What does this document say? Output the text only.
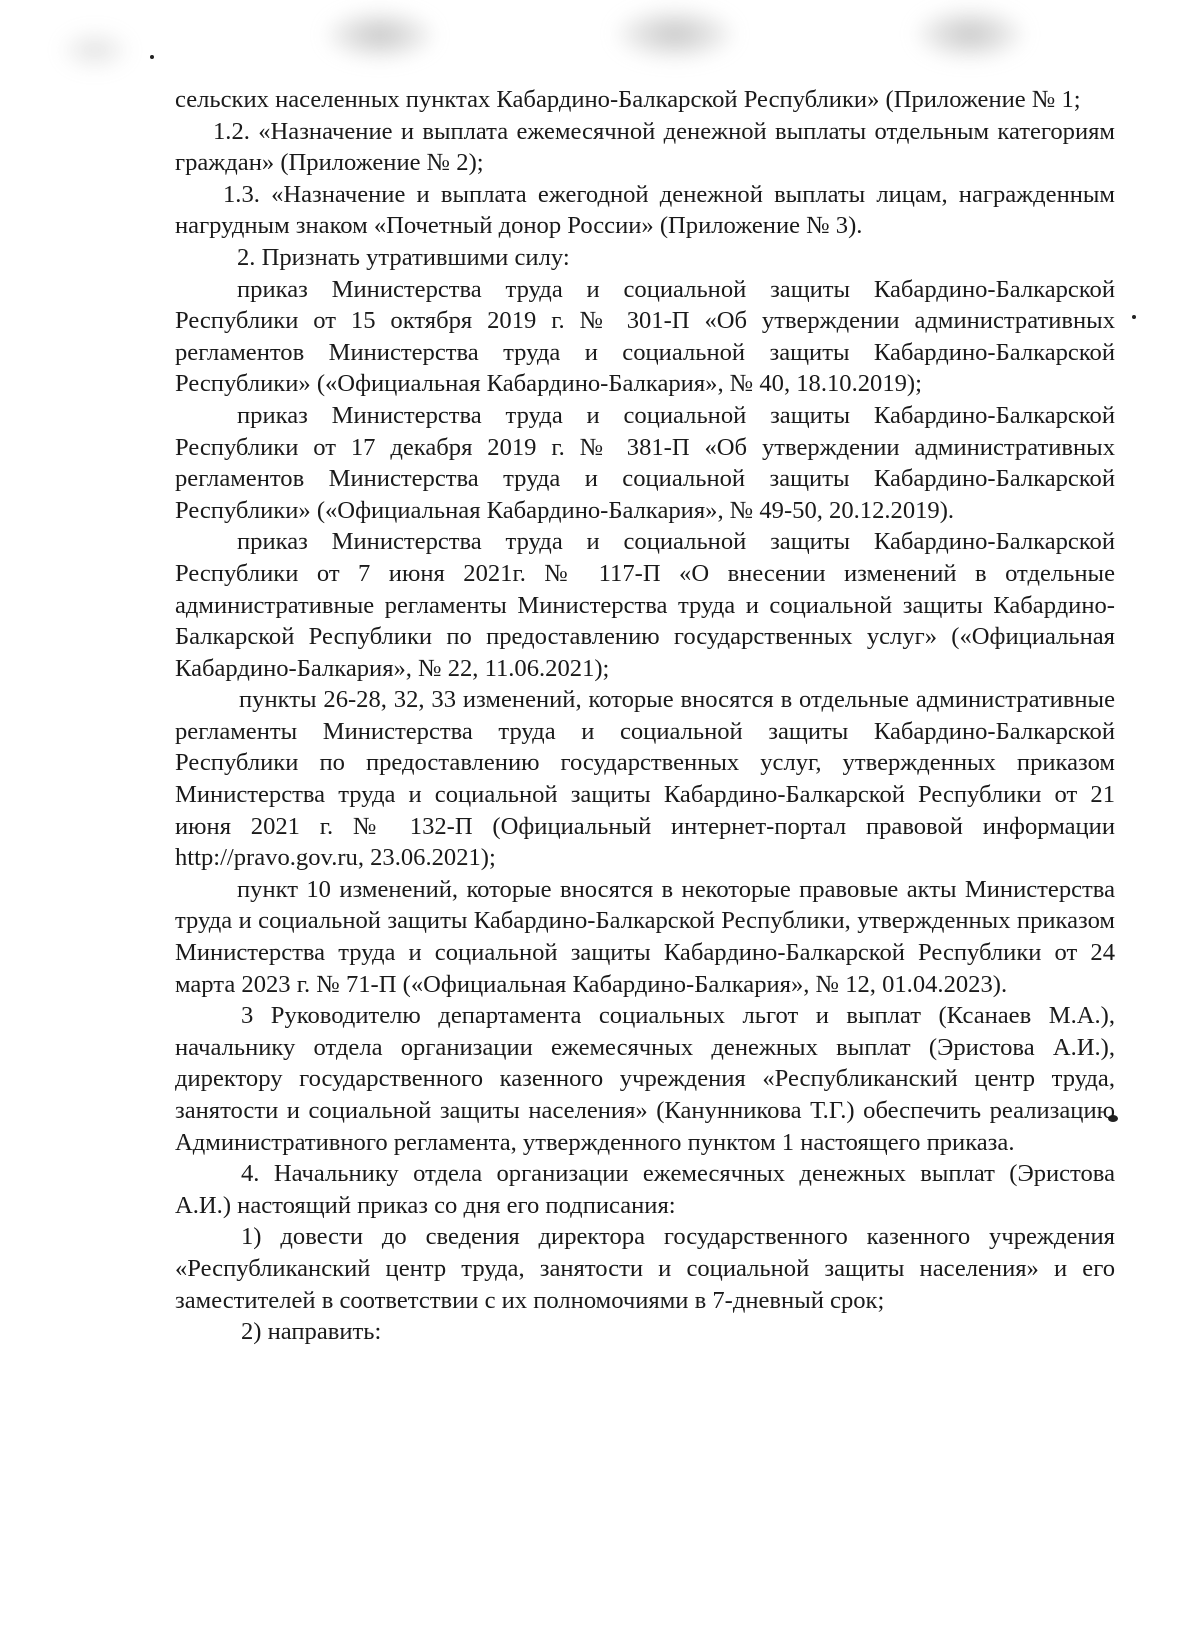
сельских населенных пунктах Кабардино-Балкарской Республики» (Приложение № 1;

1.2. «Назначение и выплата ежемесячной денежной выплаты отдельным категориям граждан» (Приложение № 2);

1.3. «Назначение и выплата ежегодной денежной выплаты лицам, награжденным нагрудным знаком «Почетный донор России» (Приложение № 3).

2. Признать утратившими силу:

приказ Министерства труда и социальной защиты Кабардино-Балкарской Республики от 15 октября 2019 г. № 301-П «Об утверждении административных регламентов Министерства труда и социальной защиты Кабардино-Балкарской Республики» («Официальная Кабардино-Балкария», № 40, 18.10.2019);

приказ Министерства труда и социальной защиты Кабардино-Балкарской Республики от 17 декабря 2019 г. № 381-П «Об утверждении административных регламентов Министерства труда и социальной защиты Кабардино-Балкарской Республики» («Официальная Кабардино-Балкария», № 49-50, 20.12.2019).

приказ Министерства труда и социальной защиты Кабардино-Балкарской Республики от 7 июня 2021г. № 117-П «О внесении изменений в отдельные административные регламенты Министерства труда и социальной защиты Кабардино-Балкарской Республики по предоставлению государственных услуг» («Официальная Кабардино-Балкария», № 22, 11.06.2021);

пункты 26-28, 32, 33 изменений, которые вносятся в отдельные административные регламенты Министерства труда и социальной защиты Кабардино-Балкарской Республики по предоставлению государственных услуг, утвержденных приказом Министерства труда и социальной защиты Кабардино-Балкарской Республики от 21 июня 2021 г. № 132-П (Официальный интернет-портал правовой информации http://pravo.gov.ru, 23.06.2021);

пункт 10 изменений, которые вносятся в некоторые правовые акты Министерства труда и социальной защиты Кабардино-Балкарской Республики, утвержденных приказом Министерства труда и социальной защиты Кабардино-Балкарской Республики от 24 марта 2023 г. № 71-П («Официальная Кабардино-Балкария», № 12, 01.04.2023).

3 Руководителю департамента социальных льгот и выплат (Ксанаев М.А.), начальнику отдела организации ежемесячных денежных выплат (Эристова А.И.), директору государственного казенного учреждения «Республиканский центр труда, занятости и социальной защиты населения» (Канунникова Т.Г.) обеспечить реализацию Административного регламента, утвержденного пунктом 1 настоящего приказа.

4. Начальнику отдела организации ежемесячных денежных выплат (Эристова А.И.) настоящий приказ со дня его подписания:

1) довести до сведения директора государственного казенного учреждения «Республиканский центр труда, занятости и социальной защиты населения» и его заместителей в соответствии с их полномочиями в 7-дневный срок;

2) направить:
